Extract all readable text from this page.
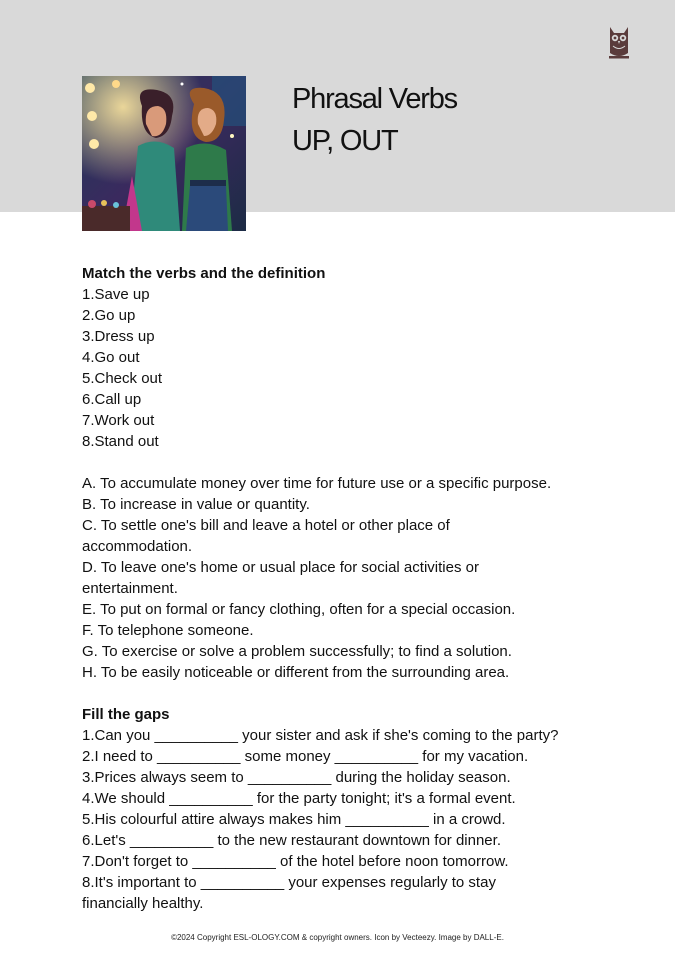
Phrasal Verbs
UP, OUT
Match the verbs and the definition
1.Save up
2.Go up
3.Dress up
4.Go out
5.Check out
6.Call up
7.Work out
8.Stand out
A. To accumulate money over time for future use or a specific purpose.
B. To increase in value or quantity.
C. To settle one's bill and leave a hotel or other place of accommodation.
D. To leave one's home or usual place for social activities or entertainment.
E. To put on formal or fancy clothing, often for a special occasion.
F. To telephone someone.
G. To exercise or solve a problem successfully; to find a solution.
H. To be easily noticeable or different from the surrounding area.
Fill the gaps
1.Can you __________ your sister and ask if she's coming to the party?
2.I need to __________ some money __________ for my vacation.
3.Prices always seem to __________ during the holiday season.
4.We should __________ for the party tonight; it's a formal event.
5.His colourful attire always makes him __________ in a crowd.
6.Let's __________ to the new restaurant downtown for dinner.
7.Don't forget to __________ of the hotel before noon tomorrow.
8.It's important to __________ your expenses regularly to stay financially healthy.
©2024 Copyright ESL-OLOGY.COM & copyright owners. Icon by Vecteezy. Image by DALL-E.
